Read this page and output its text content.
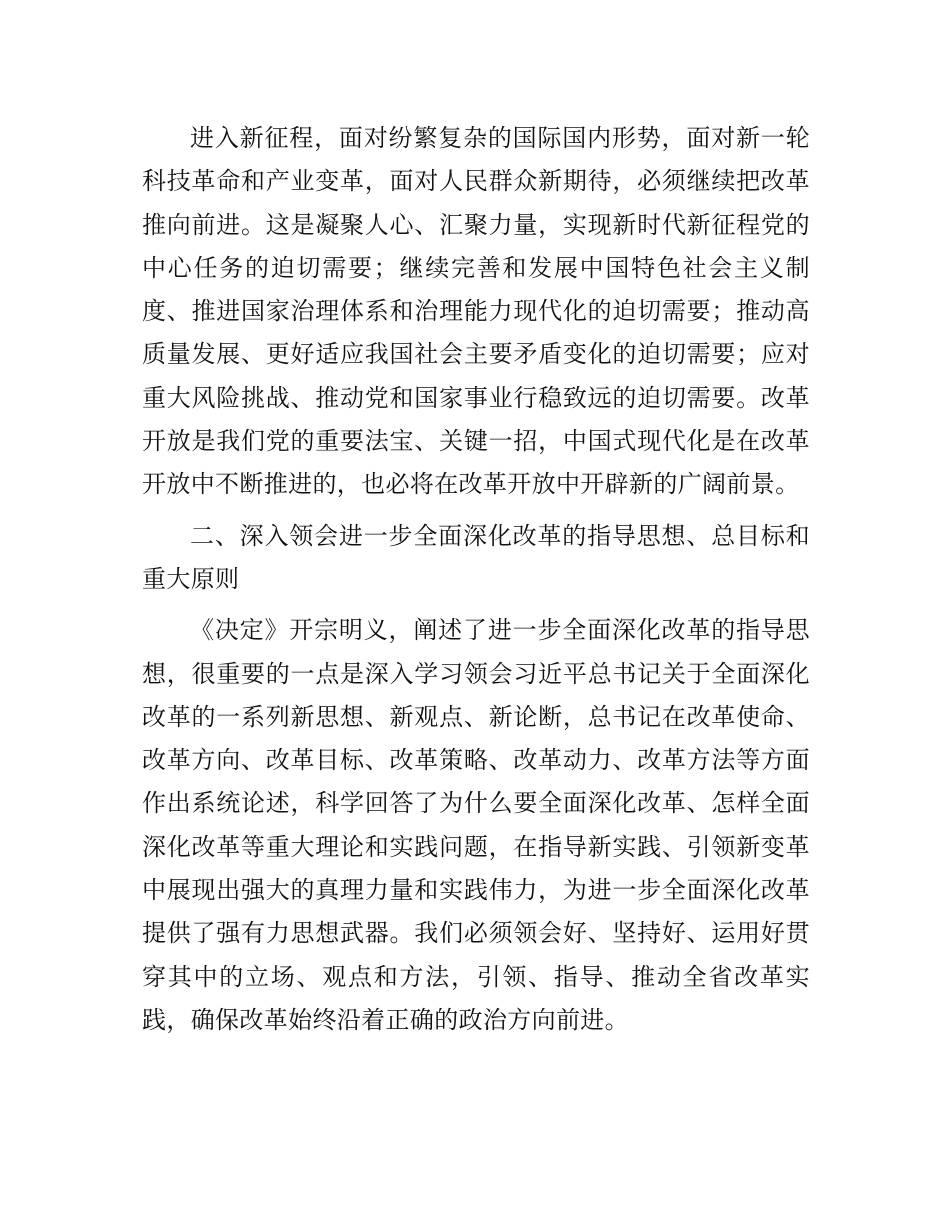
进入新征程，面对纷繁复杂的国际国内形势，面对新一轮科技革命和产业变革，面对人民群众新期待，必须继续把改革推向前进。这是凝聚人心、汇聚力量，实现新时代新征程党的中心任务的迫切需要；继续完善和发展中国特色社会主义制度、推进国家治理体系和治理能力现代化的迫切需要；推动高质量发展、更好适应我国社会主要矛盾变化的迫切需要；应对重大风险挑战、推动党和国家事业行稳致远的迫切需要。改革开放是我们党的重要法宝、关键一招，中国式现代化是在改革开放中不断推进的，也必将在改革开放中开辟新的广阔前景。

二、深入领会进一步全面深化改革的指导思想、总目标和重大原则

《决定》开宗明义，阐述了进一步全面深化改革的指导思想，很重要的一点是深入学习领会习近平总书记关于全面深化改革的一系列新思想、新观点、新论断，总书记在改革使命、改革方向、改革目标、改革策略、改革动力、改革方法等方面作出系统论述，科学回答了为什么要全面深化改革、怎样全面深化改革等重大理论和实践问题，在指导新实践、引领新变革中展现出强大的真理力量和实践伟力，为进一步全面深化改革提供了强有力思想武器。我们必须领会好、坚持好、运用好贯穿其中的立场、观点和方法，引领、指导、推动全省改革实践，确保改革始终沿着正确的政治方向前进。
